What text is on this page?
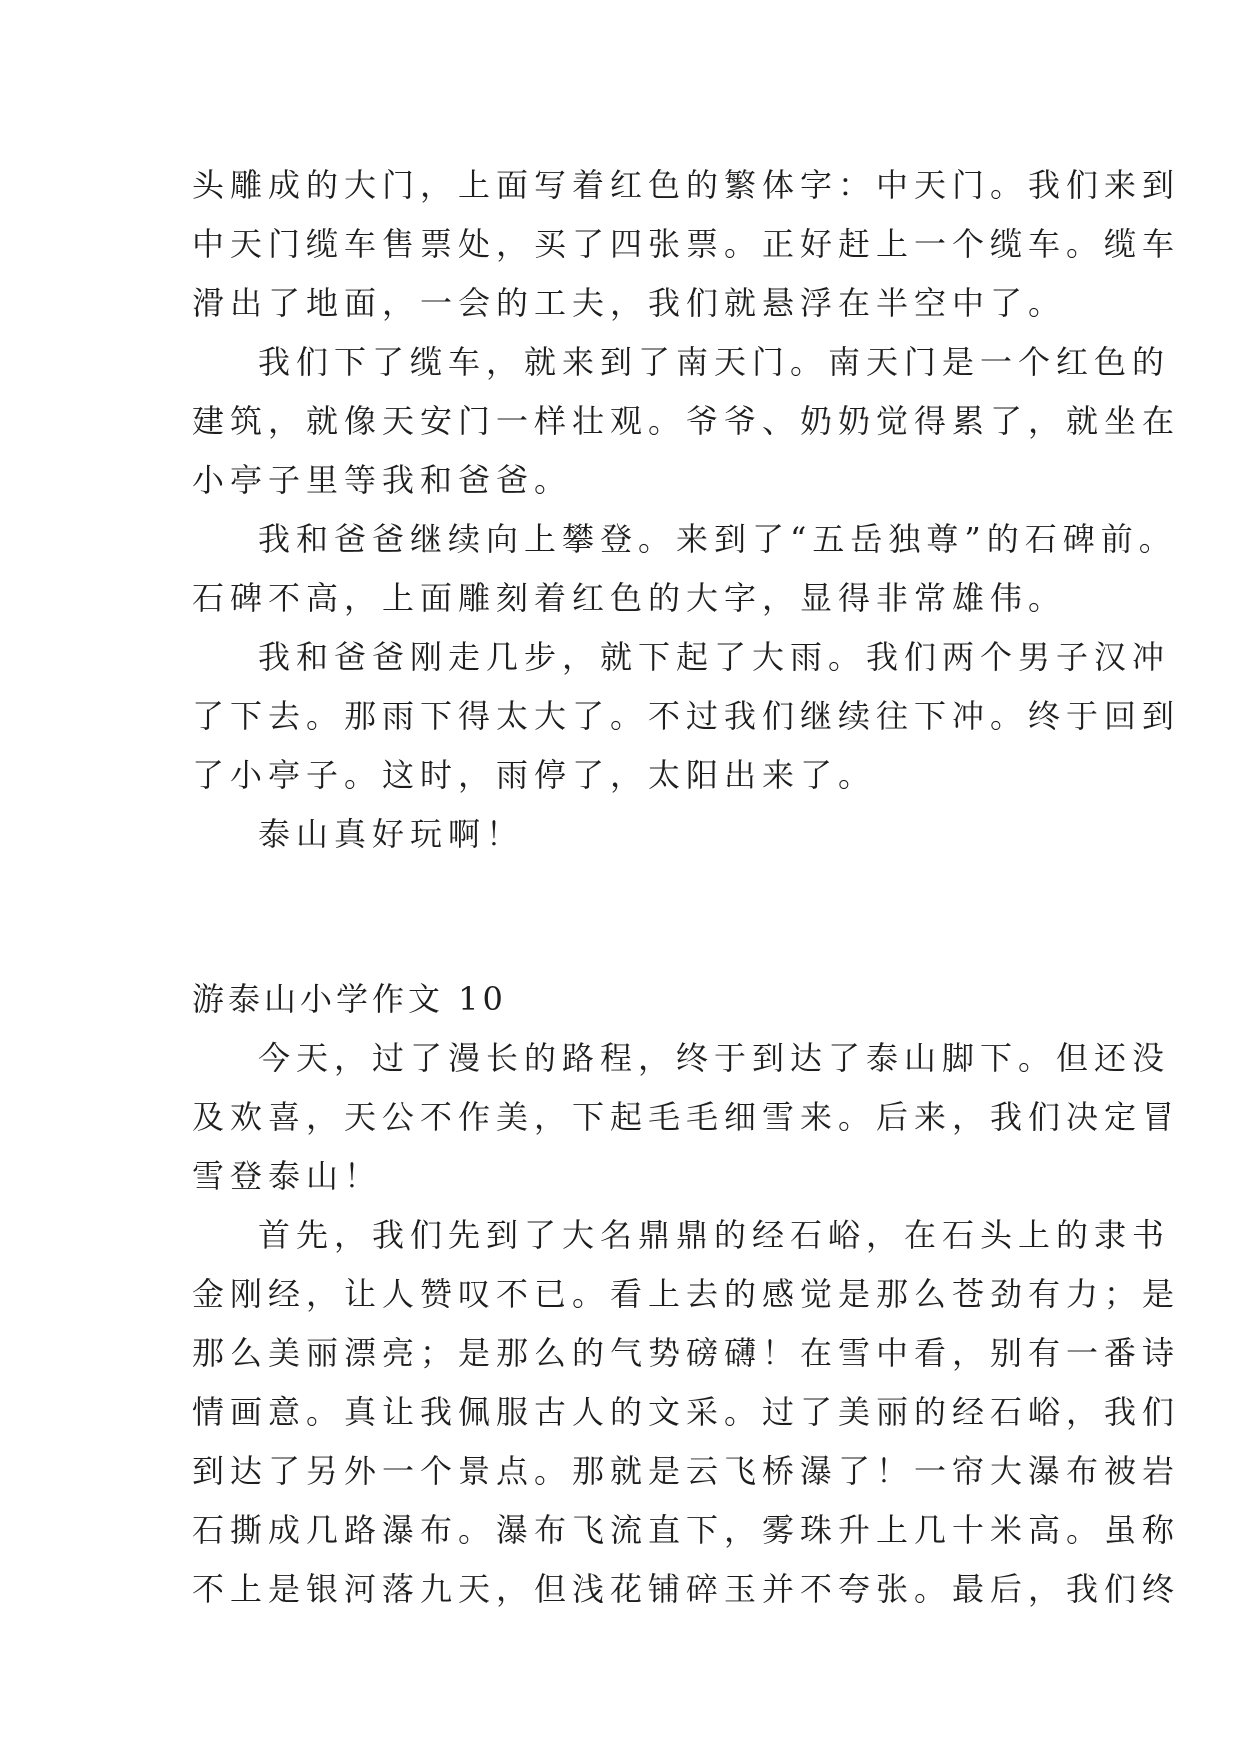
头雕成的大门，上面写着红色的繁体字：中天门。我们来到
中天门缆车售票处，买了四张票。正好赶上一个缆车。缆车
滑出了地面，一会的工夫，我们就悬浮在半空中了。
我们下了缆车，就来到了南天门。南天门是一个红色的
建筑，就像天安门一样壮观。爷爷、奶奶觉得累了，就坐在
小亭子里等我和爸爸。
我和爸爸继续向上攀登。来到了“五岳独尊”的石碑前。
石碑不高，上面雕刻着红色的大字，显得非常雄伟。
我和爸爸刚走几步，就下起了大雨。我们两个男子汉冲
了下去。那雨下得太大了。不过我们继续往下冲。终于回到
了小亭子。这时，雨停了，太阳出来了。
泰山真好玩啊！
游泰山小学作文 10
今天，过了漫长的路程，终于到达了泰山脚下。但还没
及欢喜，天公不作美，下起毛毛细雪来。后来，我们决定冒
雪登泰山！
首先，我们先到了大名鼎鼎的经石峪，在石头上的隶书
金刚经，让人赞叹不已。看上去的感觉是那么苍劲有力；是
那么美丽漂亮；是那么的气势磅礴！在雪中看，别有一番诗
情画意。真让我佩服古人的文采。过了美丽的经石峪，我们
到达了另外一个景点。那就是云飞桥瀑了！一帘大瀑布被岩
石撕成几路瀑布。瀑布飞流直下，雾珠升上几十米高。虽称
不上是银河落九天，但浅花铺碎玉并不夸张。最后，我们终
